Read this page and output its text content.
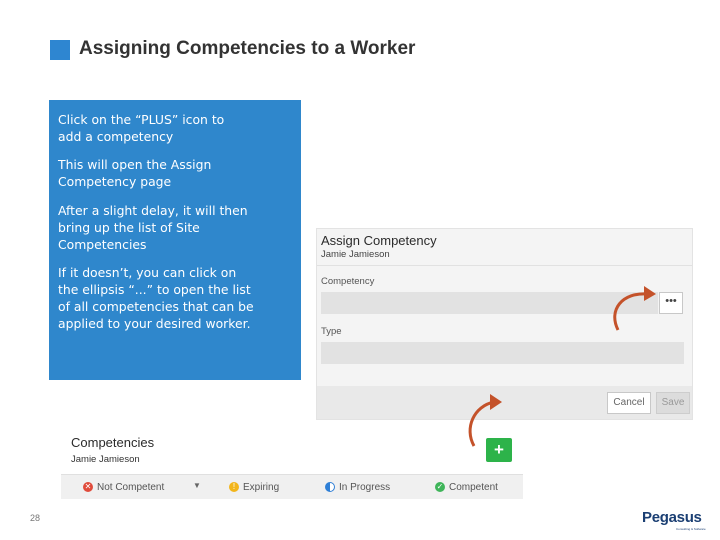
Assigning Competencies to a Worker

Click on the “PLUS” icon to
add a competency

This will open the Assign
Competency page

After a slight delay, it will then
bring up the list of Site
Competencies

If it doesn’t, you can click on
the ellipsis “...” to open the list
of all competencies that can be
applied to your desired worker.

Assign Competency
Jamie Jamieson
Competency
•••
Type
Cancel	Save
Competencies
Jamie Jamieson
+
✕ Not Competent	▼	! Expiring	In Progress	✓ Competent
28	Pegasus
Consulting & Software
